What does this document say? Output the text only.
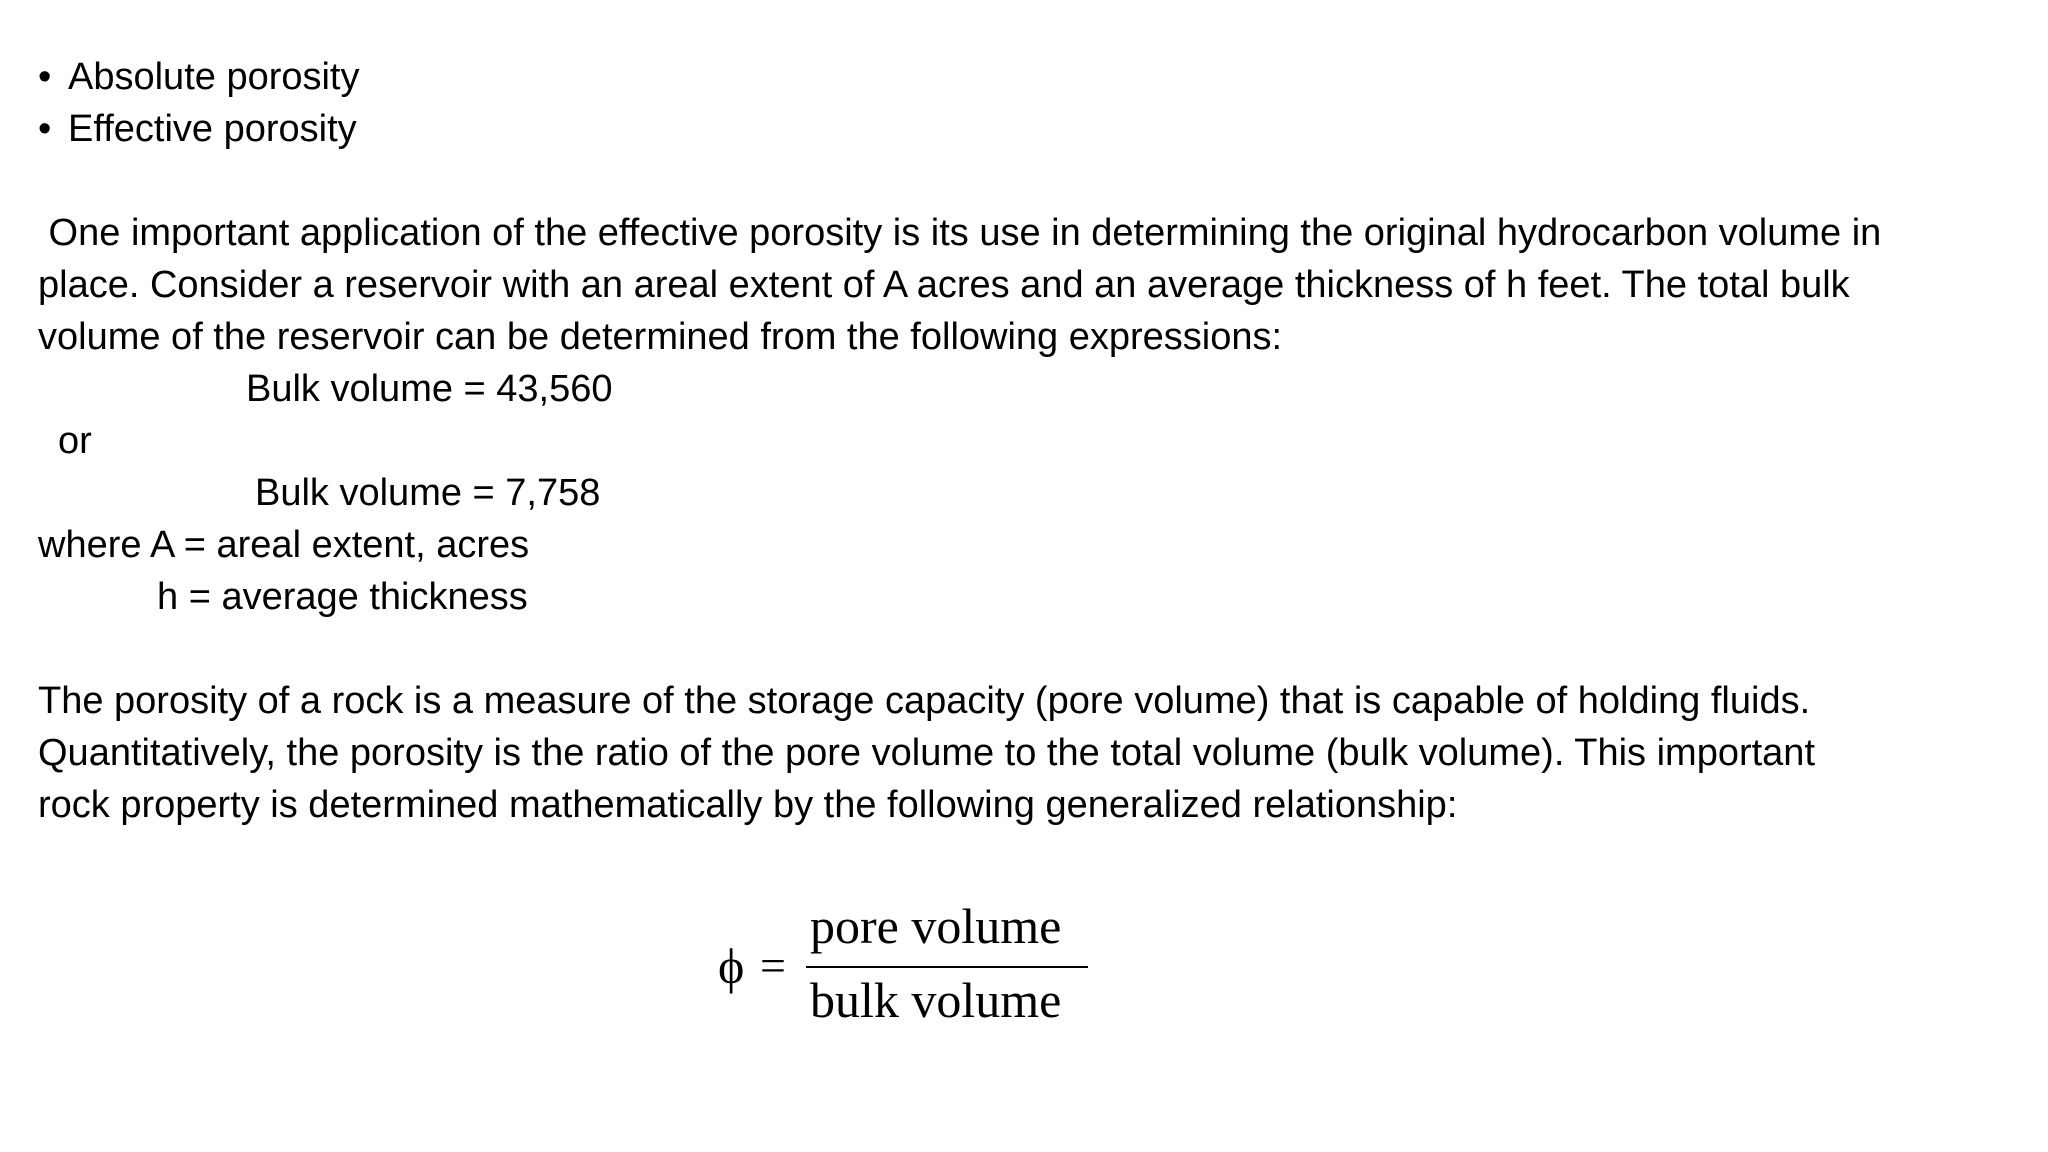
• Absolute porosity
• Effective porosity
One important application of the effective porosity is its use in determining the original hydrocarbon volume in
place. Consider a reservoir with an areal extent of A acres and an average thickness of h feet. The total bulk
volume of the reservoir can be determined from the following expressions:
Bulk volume = 43,560
or
Bulk volume = 7,758
where A = areal extent, acres
h = average thickness
The porosity of a rock is a measure of the storage capacity (pore volume) that is capable of holding fluids.
Quantitatively, the porosity is the ratio of the pore volume to the total volume (bulk volume). This important
rock property is determined mathematically by the following generalized relationship:
ϕ =
pore volume
bulk volume
